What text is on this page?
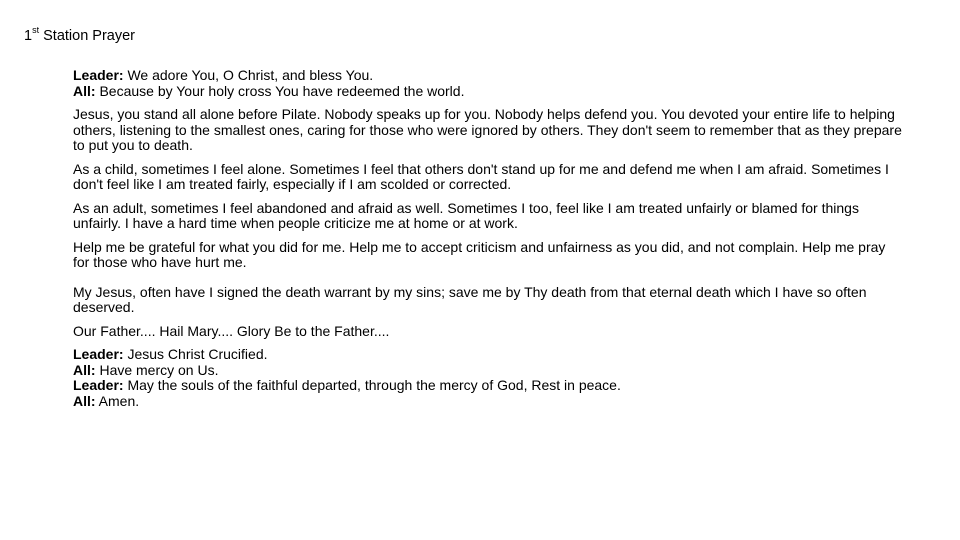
1st Station Prayer
Leader: We adore You, O Christ, and bless You.
All: Because by Your holy cross You have redeemed the world.

Jesus, you stand all alone before Pilate. Nobody speaks up for you. Nobody helps defend you. You devoted your entire life to helping others, listening to the smallest ones, caring for those who were ignored by others. They don't seem to remember that as they prepare to put you to death.

As a child, sometimes I feel alone. Sometimes I feel that others don't stand up for me and defend me when I am afraid. Sometimes I don't feel like I am treated fairly, especially if I am scolded or corrected.

As an adult, sometimes I feel abandoned and afraid as well. Sometimes I too, feel like I am treated unfairly or blamed for things unfairly. I have a hard time when people criticize me at home or at work.

Help me be grateful for what you did for me. Help me to accept criticism and unfairness as you did, and not complain. Help me pray for those who have hurt me.

My Jesus, often have I signed the death warrant by my sins; save me by Thy death from that eternal death which I have so often deserved.

Our Father.... Hail Mary.... Glory Be to the Father....

Leader: Jesus Christ Crucified.
All: Have mercy on Us.
Leader: May the souls of the faithful departed, through the mercy of God, Rest in peace.
All: Amen.
